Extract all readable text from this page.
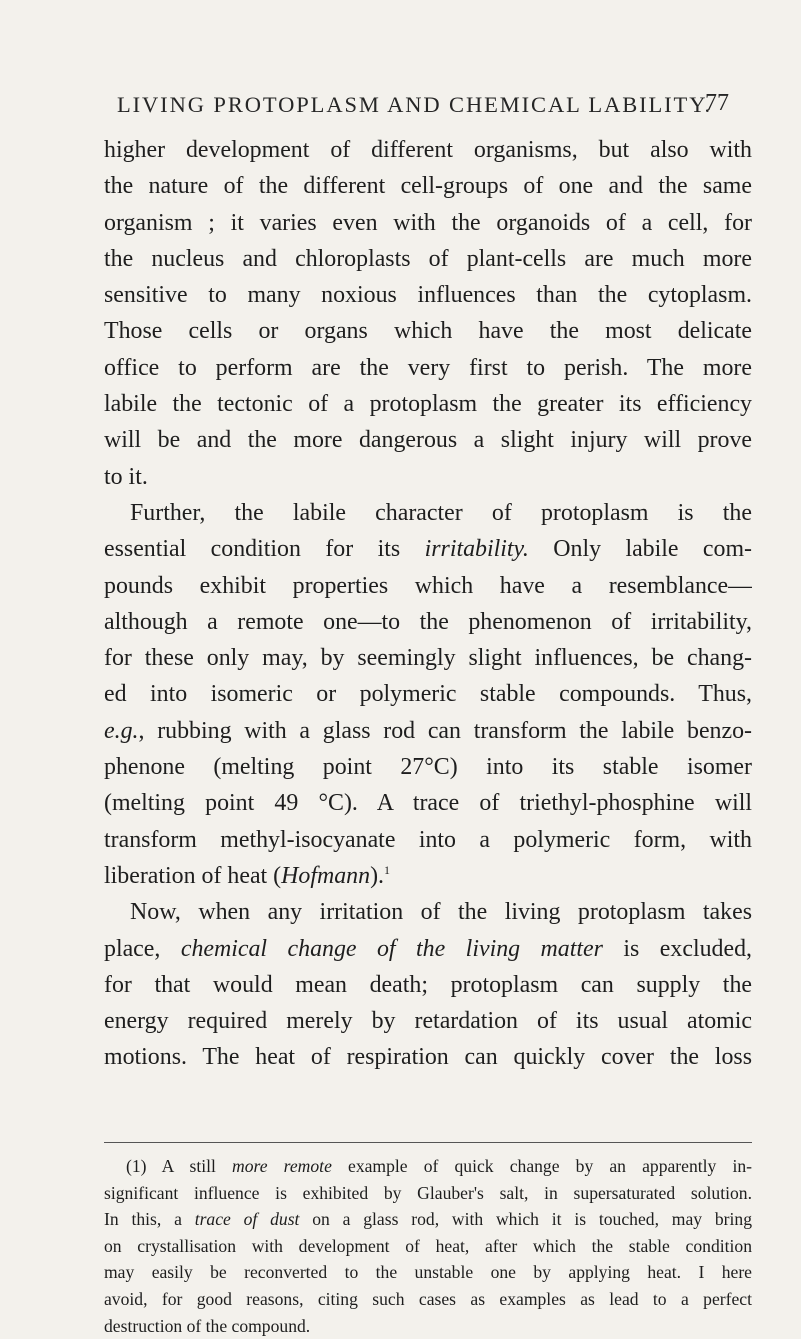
LIVING PROTOPLASM AND CHEMICAL LABILITY.
77
higher development of different organisms, but also with
the nature of the different cell-groups of one and the same
organism ; it varies even with the organoids of a cell, for
the nucleus and chloroplasts of plant-cells are much more
sensitive to many noxious influences than the cytoplasm.
Those cells or organs which have the most delicate
office to perform are the very first to perish. The more
labile the tectonic of a protoplasm the greater its efficiency
will be and the more dangerous a slight injury will prove
to it.
Further, the labile character of protoplasm is the
essential condition for its irritability. Only labile com-
pounds exhibit properties which have a resemblance—
although a remote one—to the phenomenon of irritability,
for these only may, by seemingly slight influences, be chang-
ed into isomeric or polymeric stable compounds. Thus,
e.g., rubbing with a glass rod can transform the labile benzo-
phenone (melting point 27°C) into its stable isomer
(melting point 49 °C). A trace of triethyl-phosphine will
transform methyl-isocyanate into a polymeric form, with
liberation of heat (Hofmann).$^1$
Now, when any irritation of the living protoplasm takes
place, chemical change of the living matter is excluded,
for that would mean death; protoplasm can supply the
energy required merely by retardation of its usual atomic
motions. The heat of respiration can quickly cover the loss
(1) A still more remote example of quick change by an apparently in-
significant influence is exhibited by Glauber's salt, in supersaturated solution.
In this, a trace of dust on a glass rod, with which it is touched, may bring
on crystallisation with development of heat, after which the stable condition
may easily be reconverted to the unstable one by applying heat. I here
avoid, for good reasons, citing such cases as examples as lead to a perfect
destruction of the compound.
